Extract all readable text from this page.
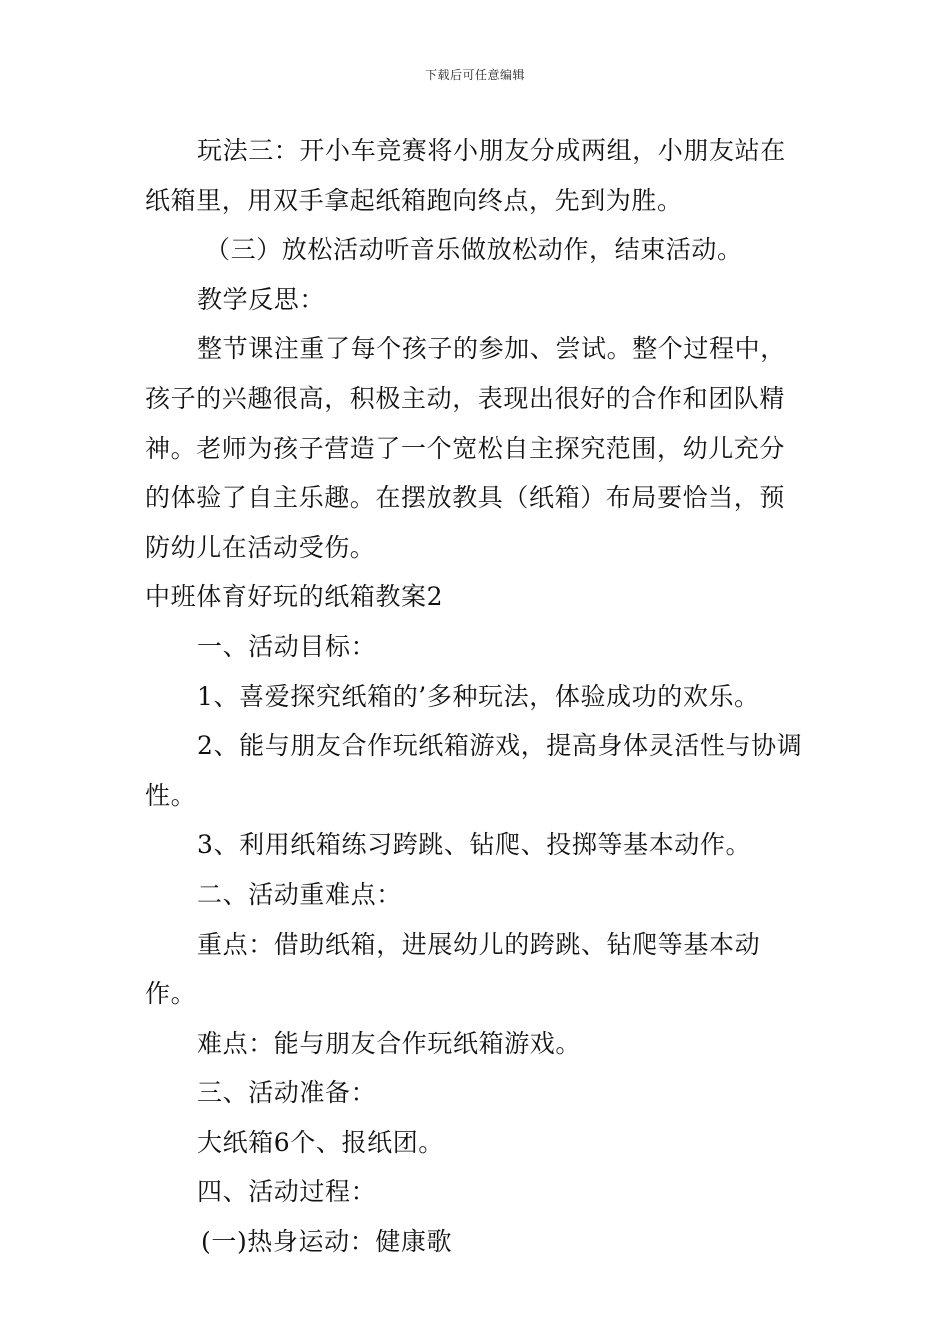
下载后可任意编辑

玩法三：开小车竞赛将小朋友分成两组，小朋友站在纸箱里，用双手拿起纸箱跑向终点，先到为胜。

（三）放松活动听音乐做放松动作，结束活动。

教学反思：

整节课注重了每个孩子的参加、尝试。整个过程中，孩子的兴趣很高，积极主动，表现出很好的合作和团队精神。老师为孩子营造了一个宽松自主探究范围，幼儿充分的体验了自主乐趣。在摆放教具（纸箱）布局要恰当，预防幼儿在活动受伤。

中班体育好玩的纸箱教案2

一、活动目标：

1、喜爱探究纸箱的’多种玩法，体验成功的欢乐。

2、能与朋友合作玩纸箱游戏，提高身体灵活性与协调性。

3、利用纸箱练习跨跳、钻爬、投掷等基本动作。

二、活动重难点：

重点：借助纸箱，进展幼儿的跨跳、钻爬等基本动作。

难点：能与朋友合作玩纸箱游戏。

三、活动准备：

大纸箱6个、报纸团。

四、活动过程：

(一)热身运动：健康歌
